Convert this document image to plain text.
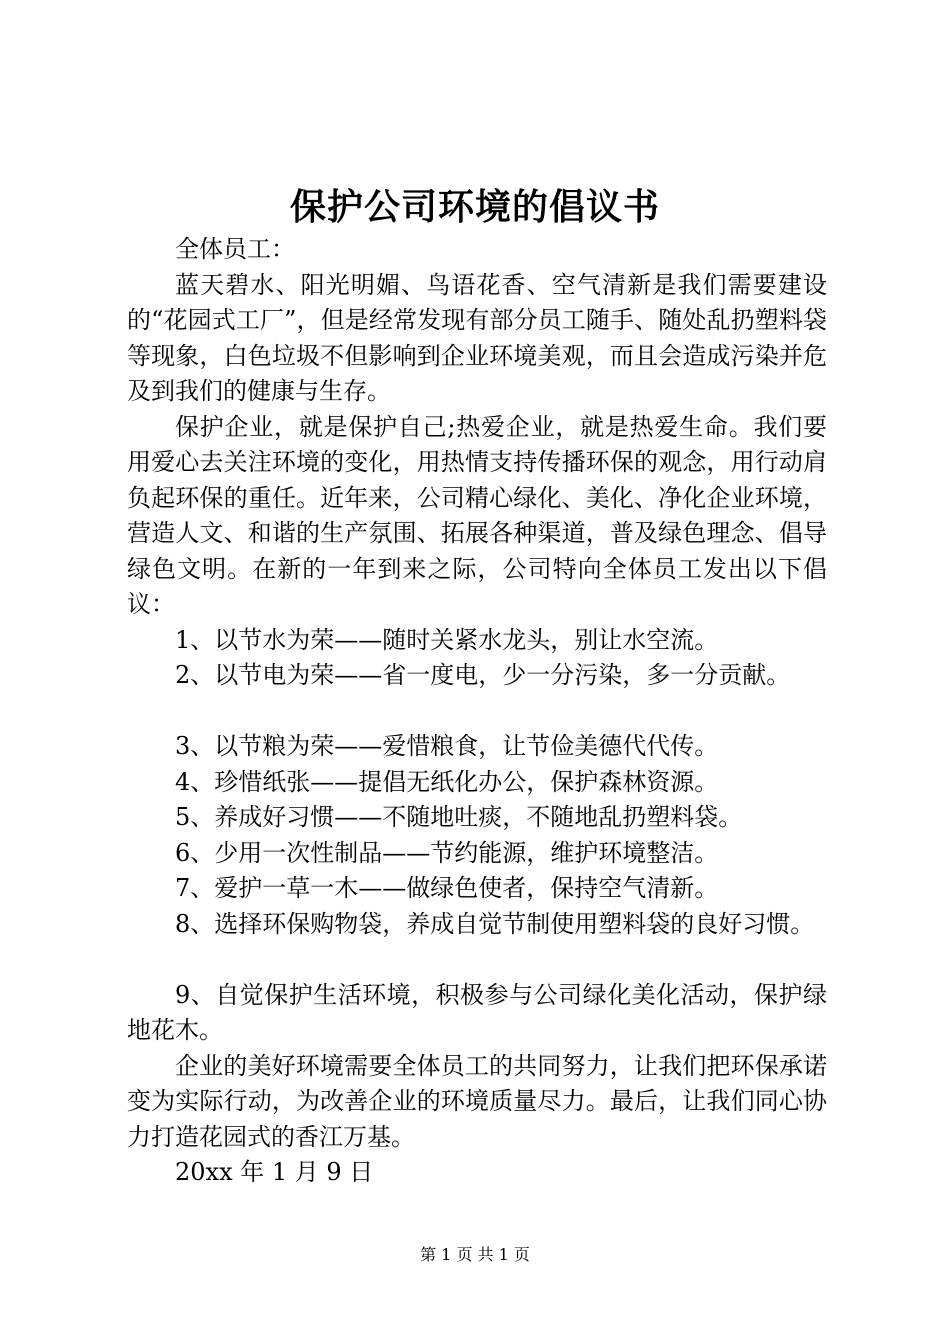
保护公司环境的倡议书

全体员工：

蓝天碧水、阳光明媚、鸟语花香、空气清新是我们需要建设的“花园式工厂”，但是经常发现有部分员工随手、随处乱扔塑料袋等现象，白色垃圾不但影响到企业环境美观，而且会造成污染并危及到我们的健康与生存。

保护企业，就是保护自己;热爱企业，就是热爱生命。我们要用爱心去关注环境的变化，用热情支持传播环保的观念，用行动肩负起环保的重任。近年来，公司精心绿化、美化、净化企业环境，营造人文、和谐的生产氛围、拓展各种渠道，普及绿色理念、倡导绿色文明。在新的一年到来之际，公司特向全体员工发出以下倡议：

1、以节水为荣——随时关紧水龙头，别让水空流。

2、以节电为荣——省一度电，少一分污染，多一分贡献。

3、以节粮为荣——爱惜粮食，让节俭美德代代传。

4、珍惜纸张——提倡无纸化办公，保护森林资源。

5、养成好习惯——不随地吐痰，不随地乱扔塑料袋。

6、少用一次性制品——节约能源，维护环境整洁。

7、爱护一草一木——做绿色使者，保持空气清新。

8、选择环保购物袋，养成自觉节制使用塑料袋的良好习惯。

9、自觉保护生活环境，积极参与公司绿化美化活动，保护绿地花木。

企业的美好环境需要全体员工的共同努力，让我们把环保承诺变为实际行动，为改善企业的环境质量尽力。最后，让我们同心协力打造花园式的香江万基。

20xx 年 1 月 9 日

第 1 页 共 1 页
